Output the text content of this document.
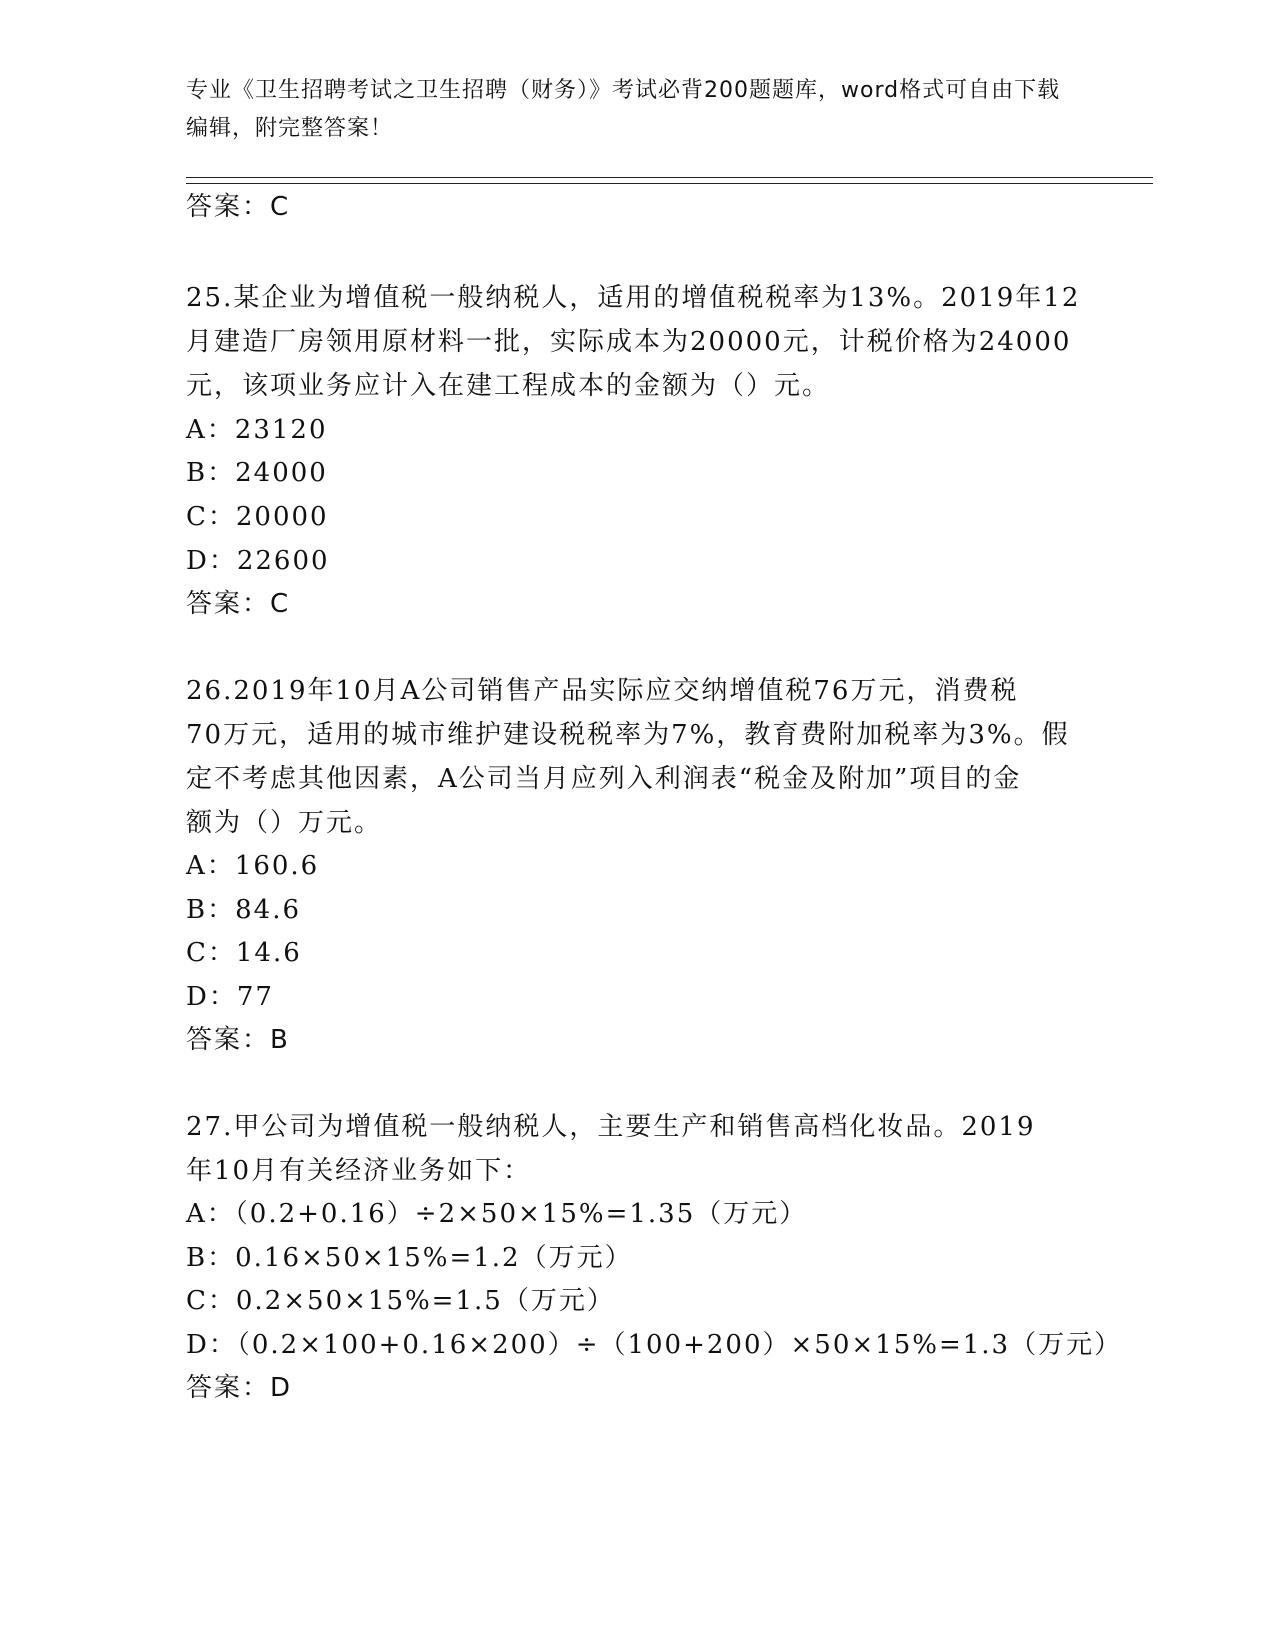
专业《卫生招聘考试之卫生招聘（财务）》考试必背200题题库，word格式可自由下载编辑，附完整答案！
答案：C
25.某企业为增值税一般纳税人，适用的增值税税率为13%。2019年12
月建造厂房领用原材料一批，实际成本为20000元，计税价格为24000
元，该项业务应计入在建工程成本的金额为（）元。
A：23120
B：24000
C：20000
D：22600
答案：C
26.2019年10月A公司销售产品实际应交纳增值税76万元，消费税
70万元，适用的城市维护建设税税率为7%，教育费附加税率为3%。假
定不考虑其他因素，A公司当月应列入利润表“税金及附加”项目的金
额为（）万元。
A：160.6
B：84.6
C：14.6
D：77
答案：B
27.甲公司为增值税一般纳税人，主要生产和销售高档化妆品。2019
年10月有关经济业务如下：
A：（0.2+0.16）÷2×50×15%=1.35（万元）
B：0.16×50×15%=1.2（万元）
C：0.2×50×15%=1.5（万元）
D：（0.2×100+0.16×200）÷（100+200）×50×15%=1.3（万元）
答案：D
